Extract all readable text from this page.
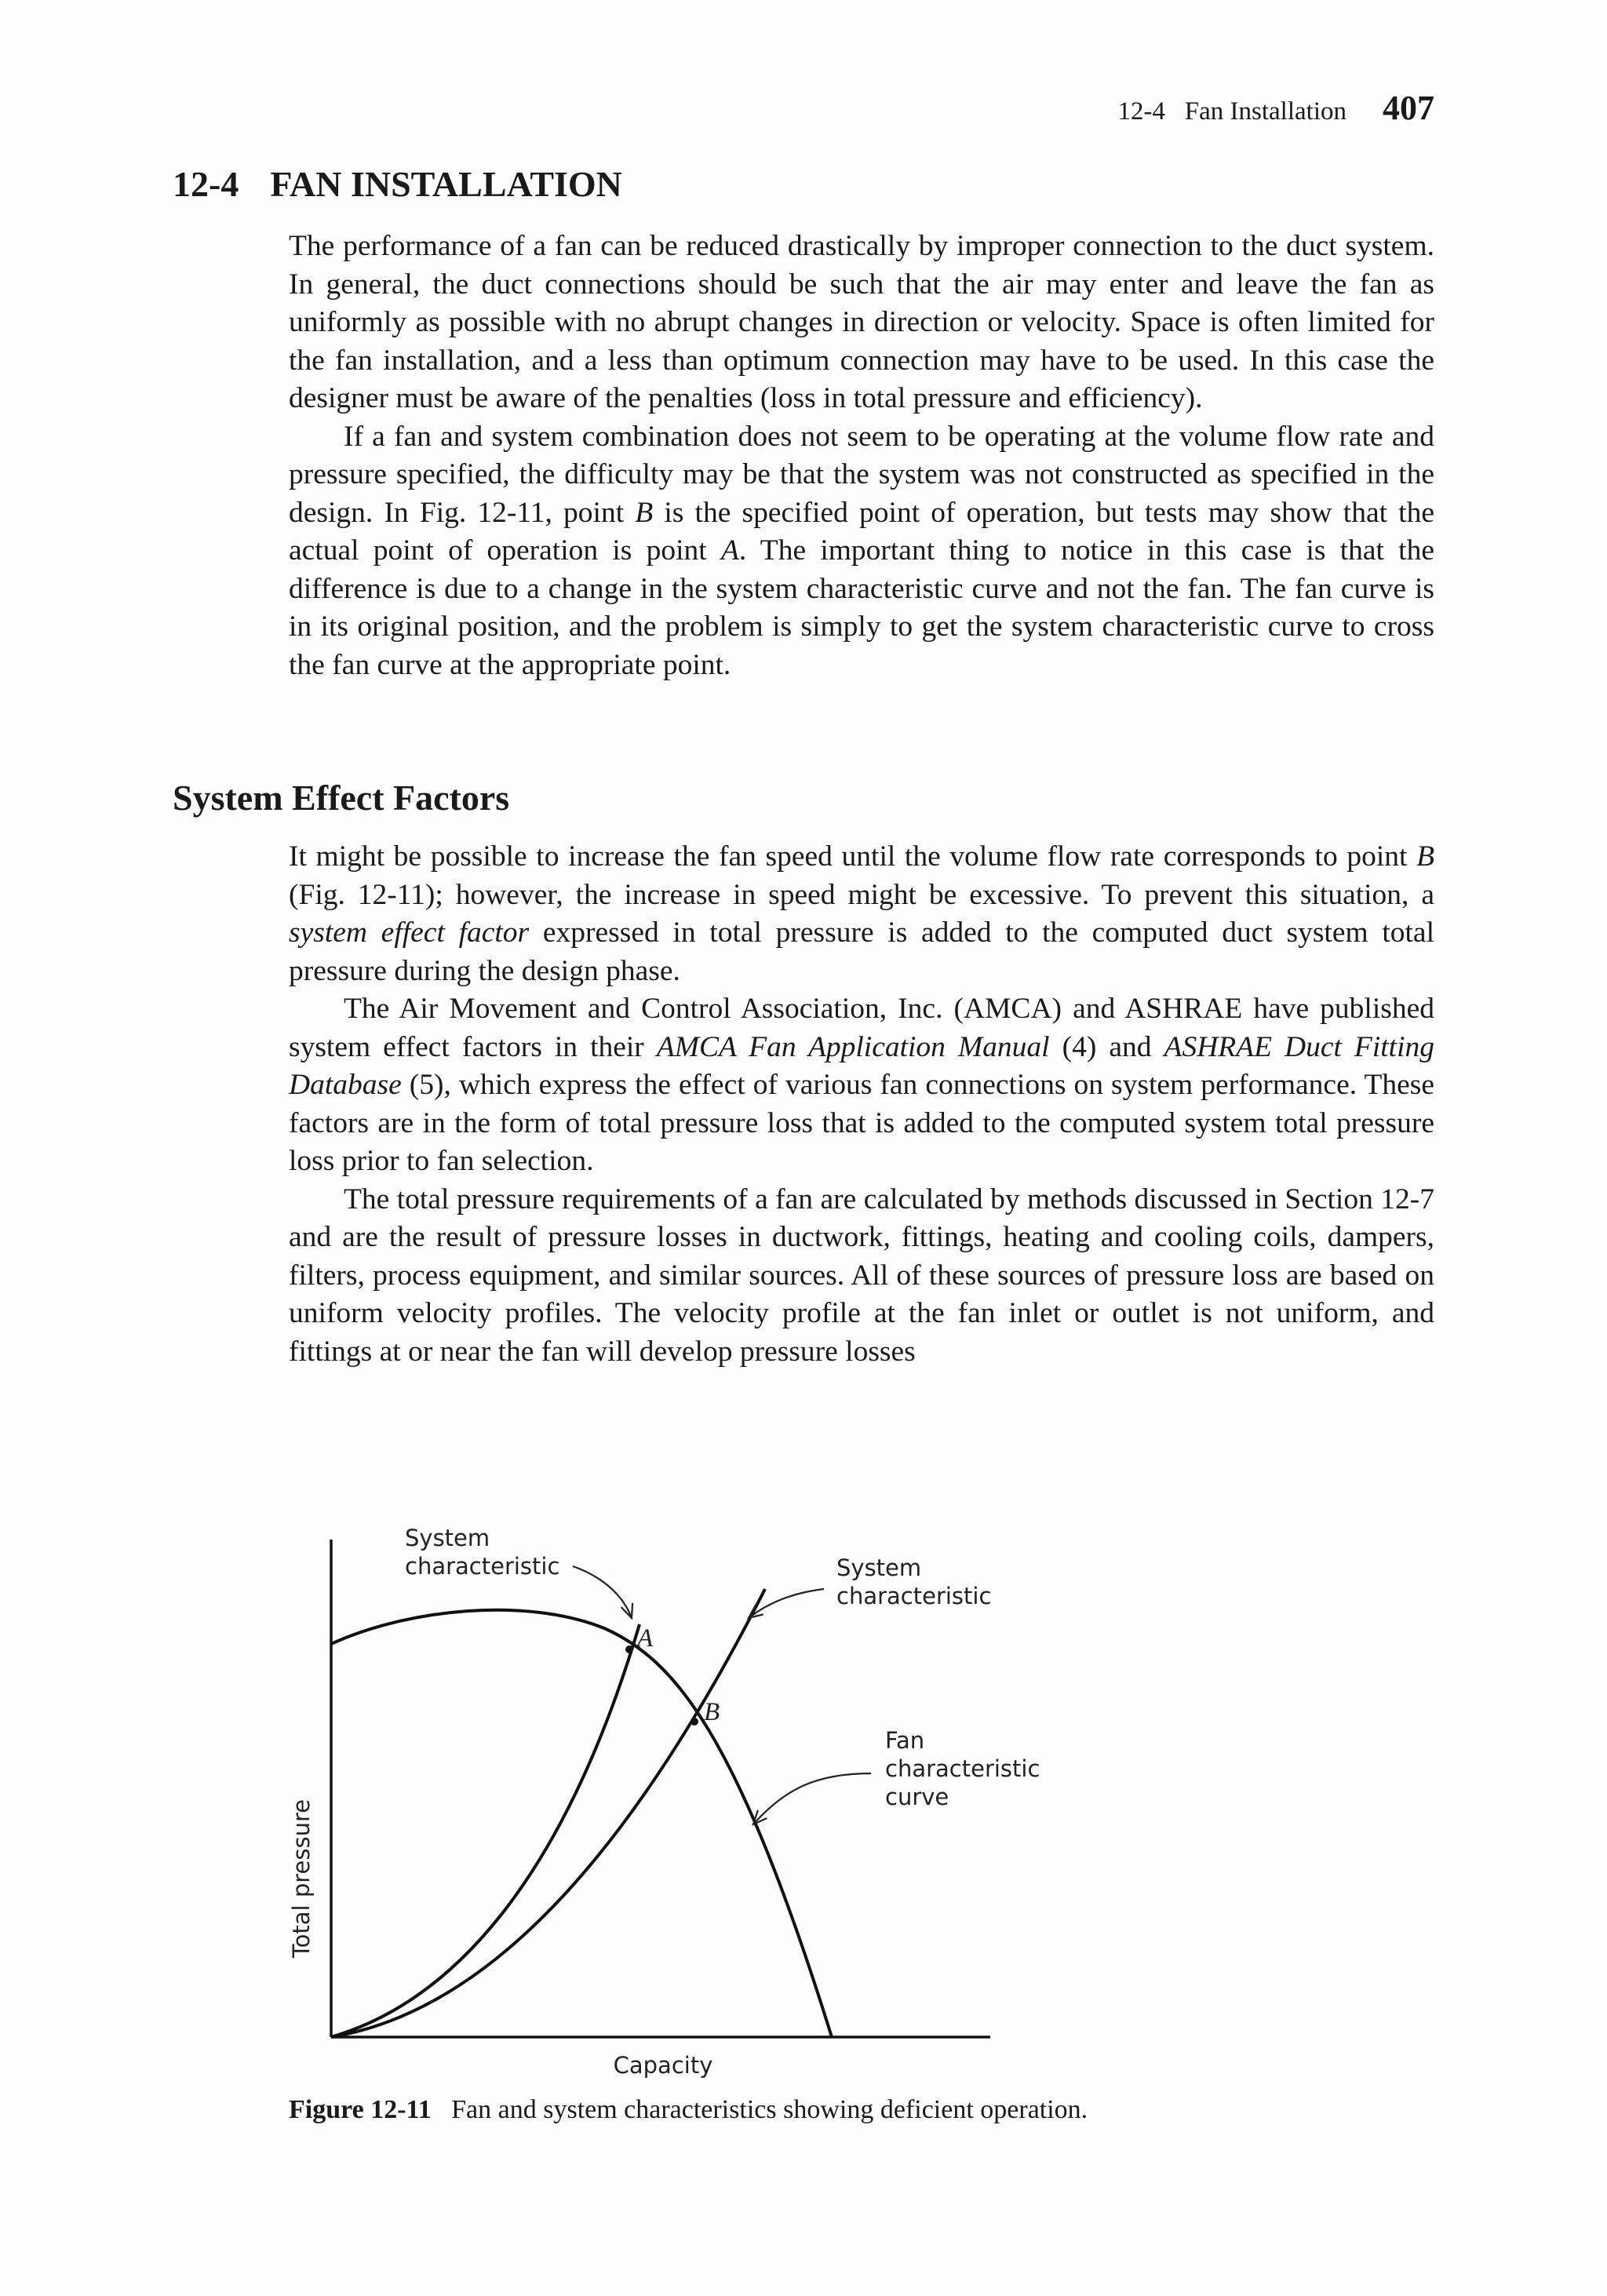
12-4   Fan Installation 407
12-4 FAN INSTALLATION

The performance of a fan can be reduced drastically by improper connection to the duct system. In general, the duct connections should be such that the air may enter and leave the fan as uniformly as possible with no abrupt changes in direction or velocity. Space is often limited for the fan installation, and a less than optimum connection may have to be used. In this case the designer must be aware of the penalties (loss in total pressure and efficiency).

If a fan and system combination does not seem to be operating at the volume flow rate and pressure specified, the difficulty may be that the system was not constructed as specified in the design. In Fig. 12-11, point B is the specified point of operation, but tests may show that the actual point of operation is point A. The important thing to notice in this case is that the difference is due to a change in the system characteristic curve and not the fan. The fan curve is in its original position, and the problem is simply to get the system characteristic curve to cross the fan curve at the appropriate point.

System Effect Factors

It might be possible to increase the fan speed until the volume flow rate corresponds to point B (Fig. 12-11); however, the increase in speed might be excessive. To prevent this situation, a system effect factor expressed in total pressure is added to the computed duct system total pressure during the design phase.

The Air Movement and Control Association, Inc. (AMCA) and ASHRAE have published system effect factors in their AMCA Fan Application Manual (4) and ASHRAE Duct Fitting Database (5), which express the effect of various fan connections on system performance. These factors are in the form of total pressure loss that is added to the computed system total pressure loss prior to fan selection.

The total pressure requirements of a fan are calculated by methods discussed in Section 12-7 and are the result of pressure losses in ductwork, fittings, heating and cooling coils, dampers, filters, process equipment, and similar sources. All of these sources of pressure loss are based on uniform velocity profiles. The velocity profile at the fan inlet or outlet is not uniform, and fittings at or near the fan will develop pressure losses

A
B
System characteristic	System characteristic
Fan characteristic curve
Total pressure
Capacity
Figure 12-11 Fan and system characteristics showing deficient operation.
